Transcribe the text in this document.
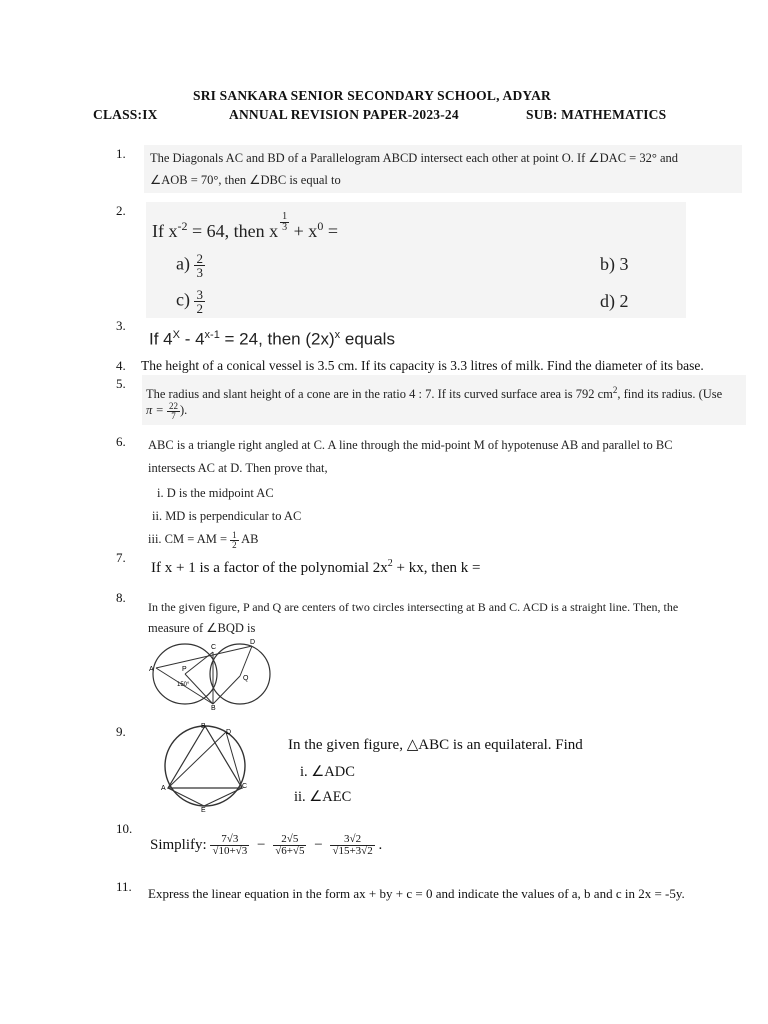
SRI SANKARA SENIOR SECONDARY SCHOOL, ADYAR
CLASS:IX	ANNUAL REVISION PAPER-2023-24	SUB: MATHEMATICS
1. The Diagonals AC and BD of a Parallelogram ABCD intersect each other at point O. If ∠DAC = 32° and
∠AOB = 70°, then ∠DBC is equal to
2.
If $x^{-2} = 64$, then x $\frac{1}{3} + x^0$ =
$a) \frac{2}{3}$	b) 3
$c) \frac{3}{2}$	d) 2
3.
If $4^X - 4^{x-1} = 24$, then $(2x)^x$ equals
4. The height of a conical vessel is 3.5 cm. If its capacity is 3.3 litres of milk. Find the diameter of its base.
5.
The radius and slant height of a cone are in the ratio 4 : 7. If its curved surface area is 792 $cm^2$, find its radius. (Use
$\pi = \frac{22}{7}$ ).
6. ABC is a triangle right angled at C. A line through the mid-point M of hypotenuse AB and parallel to BC
intersects AC at D. Then prove that,
i. D is the midpoint AC
ii. MD is perpendicular to AC
iii. CM = AM = $\frac{1}{2}$ AB
7.
If x + 1 is a factor of the polynomial $2x^2$ + kx, then k =
8.
In the given figure, P and Q are centers of two circles intersecting at B and C. ACD is a straight line. Then, the
measure of ∠BQD is
A
C
D
P
Q
B
150°
9.	B
D
A	C
E
In the given figure, △ABC is an equilateral. Find
i. ∠ADC
ii. ∠AEC
10.
Simplify: $\frac{7√3}{√10+√3} - \frac{2√5}{√6+√5} - \frac{3√2}{√15+3√2}$ .
11. Express the linear equation in the form ax + by + c = 0 and indicate the values of a, b and c in 2x = -5y.
